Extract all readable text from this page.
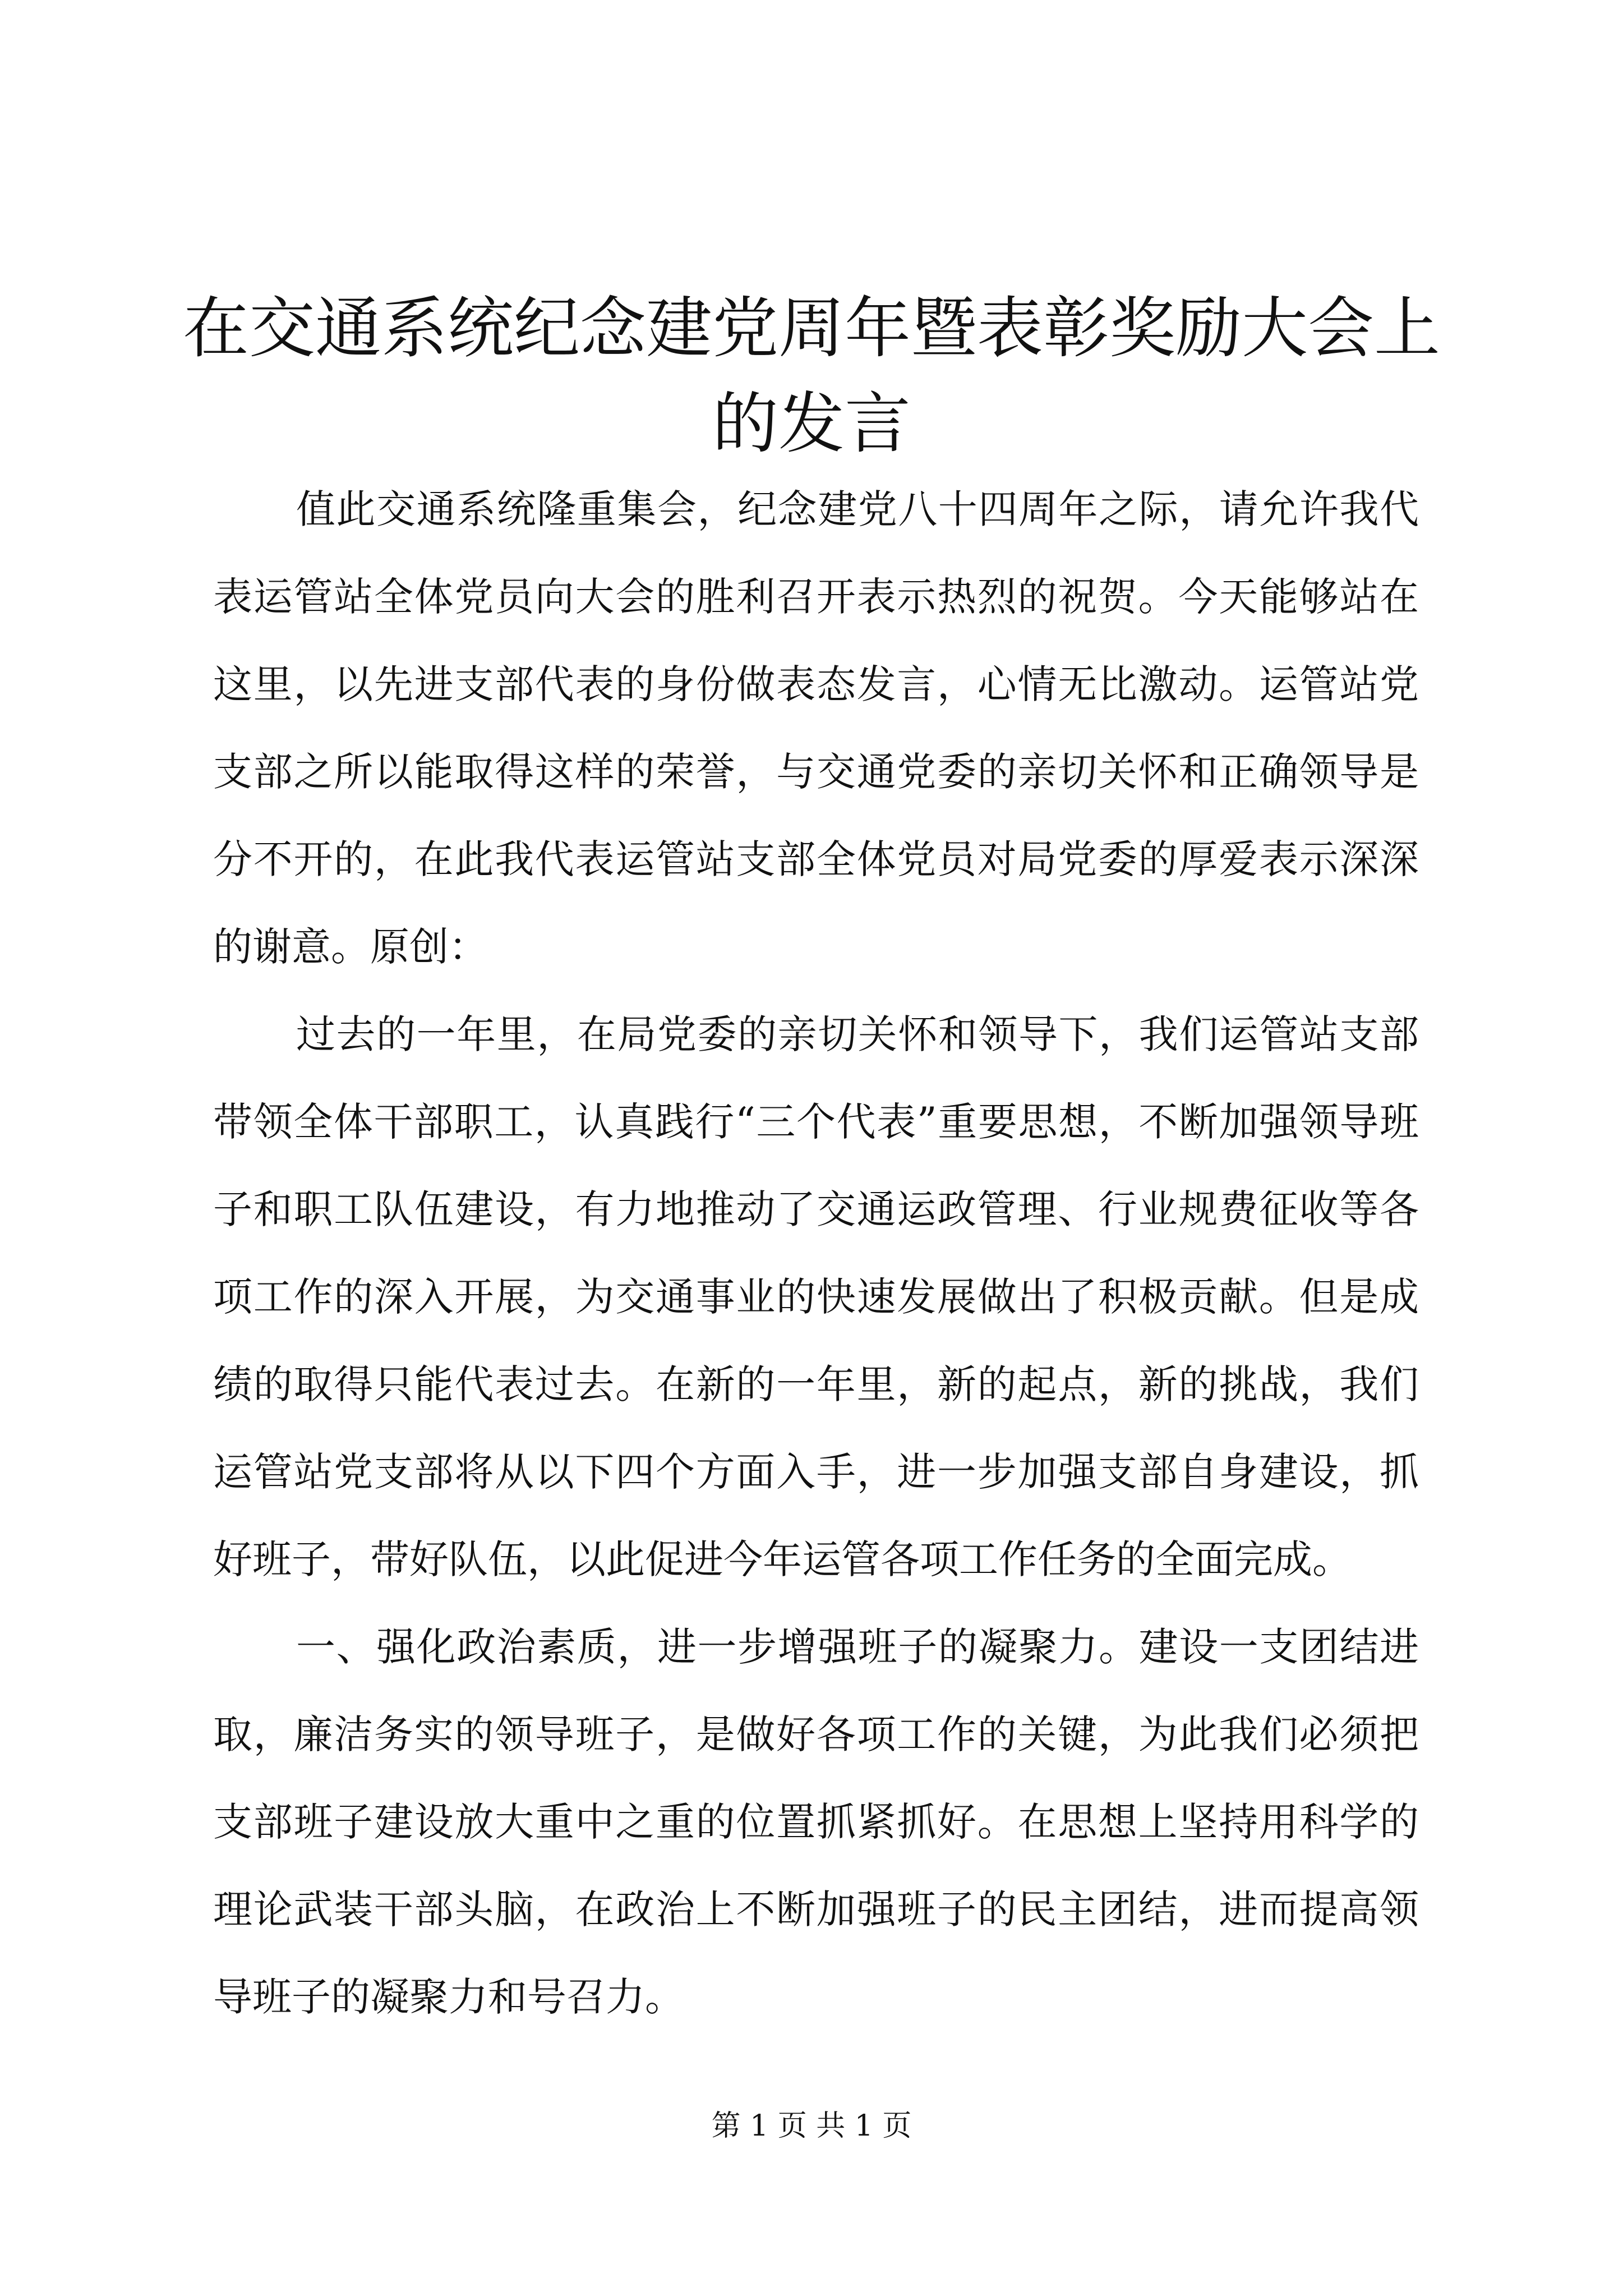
在交通系统纪念建党周年暨表彰奖励大会上的发言

值此交通系统隆重集会，纪念建党八十四周年之际，请允许我代表运管站全体党员向大会的胜利召开表示热烈的祝贺。今天能够站在这里，以先进支部代表的身份做表态发言，心情无比激动。运管站党支部之所以能取得这样的荣誉，与交通党委的亲切关怀和正确领导是分不开的，在此我代表运管站支部全体党员对局党委的厚爱表示深深的谢意。原创：

过去的一年里，在局党委的亲切关怀和领导下，我们运管站支部带领全体干部职工，认真践行“三个代表”重要思想，不断加强领导班子和职工队伍建设，有力地推动了交通运政管理、行业规费征收等各项工作的深入开展，为交通事业的快速发展做出了积极贡献。但是成绩的取得只能代表过去。在新的一年里，新的起点，新的挑战，我们运管站党支部将从以下四个方面入手，进一步加强支部自身建设，抓好班子，带好队伍，以此促进今年运管各项工作任务的全面完成。

一、强化政治素质，进一步增强班子的凝聚力。建设一支团结进取，廉洁务实的领导班子，是做好各项工作的关键，为此我们必须把支部班子建设放大重中之重的位置抓紧抓好。在思想上坚持用科学的理论武装干部头脑，在政治上不断加强班子的民主团结，进而提高领导班子的凝聚力和号召力。

第 1 页 共 1 页
